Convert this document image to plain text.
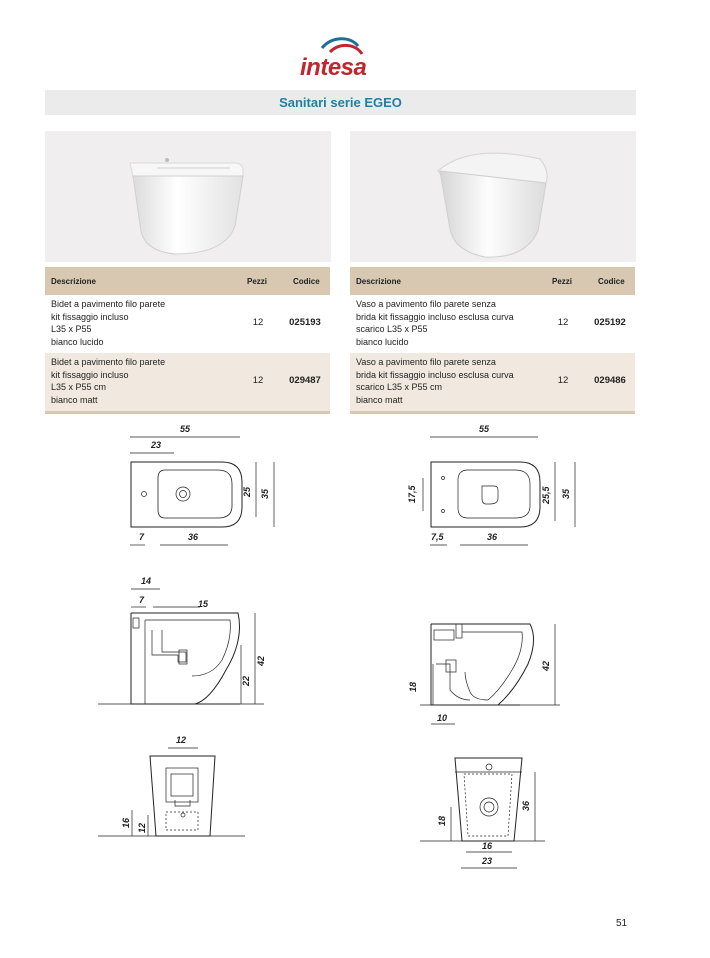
intesa
Sanitari serie EGEO
Descrizione	Pezzi	Codice
Bidet a pavimento filo parete
kit fissaggio incluso
L35 x P55
bianco lucido
12	025193
Bidet a pavimento filo parete
kit fissaggio incluso
L35 x P55 cm
bianco matt
12	029487
Descrizione	Pezzi	Codice
Vaso a pavimento filo parete senza
brida kit fissaggio incluso esclusa curva
scarico L35 x P55
bianco lucido
12	025192
Vaso a pavimento filo parete senza
brida kit fissaggio incluso esclusa curva
scarico L35 x P55 cm
bianco matt
12	029486
55
23
25 35
7	36
14
7	15
42
22
12
16 12
55
17,5	25,5 35
7,5	36
42
18
10
36
18
16
23
51
